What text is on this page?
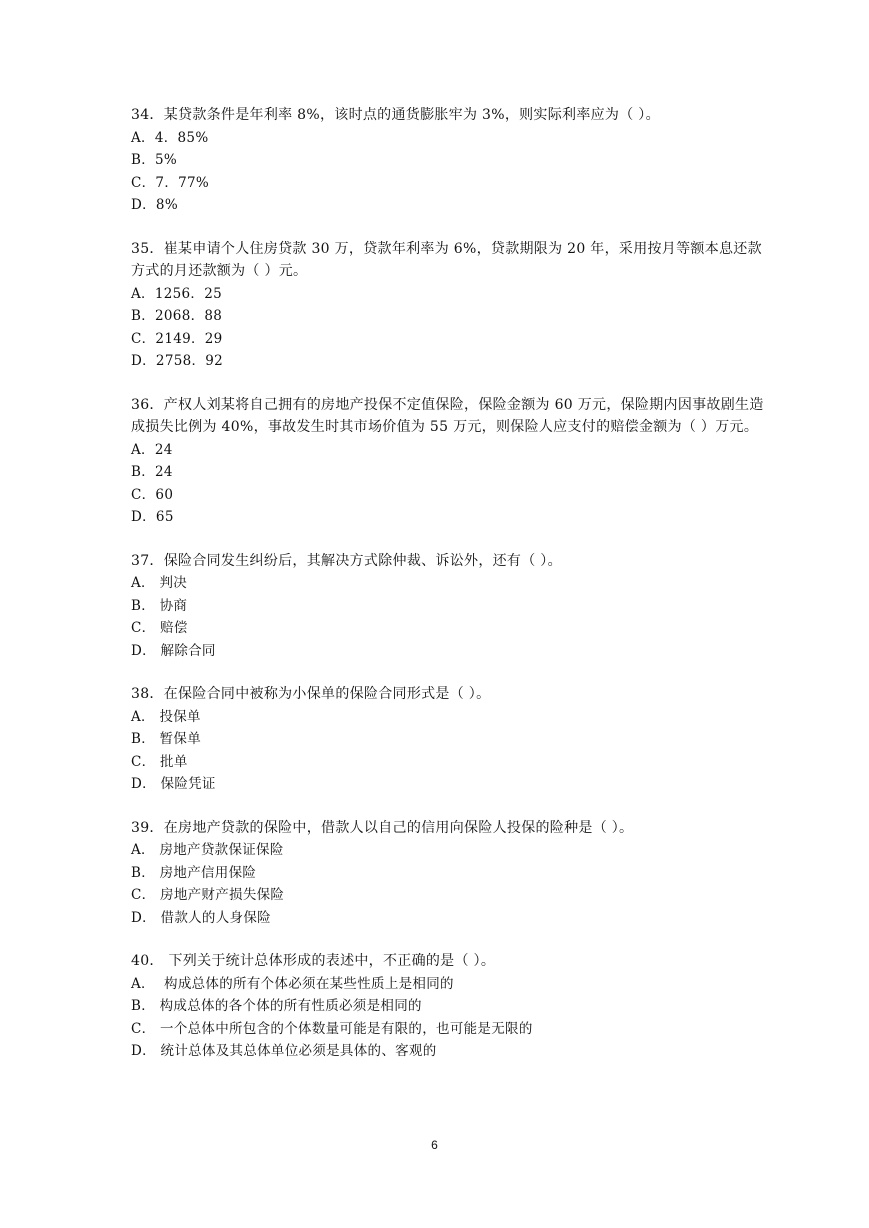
34．某贷款条件是年利率 8%，该时点的通货膨胀牢为 3%，则实际利率应为（ ）。

A．4．85%

B．5%

C．7．77%

D．8%

35．崔某申请个人住房贷款 30 万，贷款年利率为 6%，贷款期限为 20 年，采用按月等额本息还款方式的月还款额为（ ）元。

A．1256．25

B．2068．88

C．2149．29

D．2758．92

36．产权人刘某将自己拥有的房地产投保不定值保险，保险金额为 60 万元，保险期内因事故剧生造成损失比例为 40%，事故发生时其市场价值为 55 万元，则保险人应支付的赔偿金额为（ ）万元。

A．24

B．24

C．60

D．65

37．保险合同发生纠纷后，其解决方式除仲裁、诉讼外，还有（ ）。

A． 判决

B． 协商

C． 赔偿

D． 解除合同

38．在保险合同中被称为小保单的保险合同形式是（ ）。

A． 投保单

B． 暂保单

C． 批单

D． 保险凭证

39．在房地产贷款的保险中，借款人以自己的信用向保险人投保的险种是（ ）。

A． 房地产贷款保证保险

B． 房地产信用保险

C． 房地产财产损失保险

D． 借款人的人身保险

40． 下列关于统计总体形成的表述中，不正确的是（ ）。

A．  构成总体的所有个体必须在某些性质上是相同的

B． 构成总体的各个体的所有性质必须是相同的

C． 一个总体中所包含的个体数量可能是有限的，也可能是无限的

D． 统计总体及其总体单位必须是具体的、客观的

6
